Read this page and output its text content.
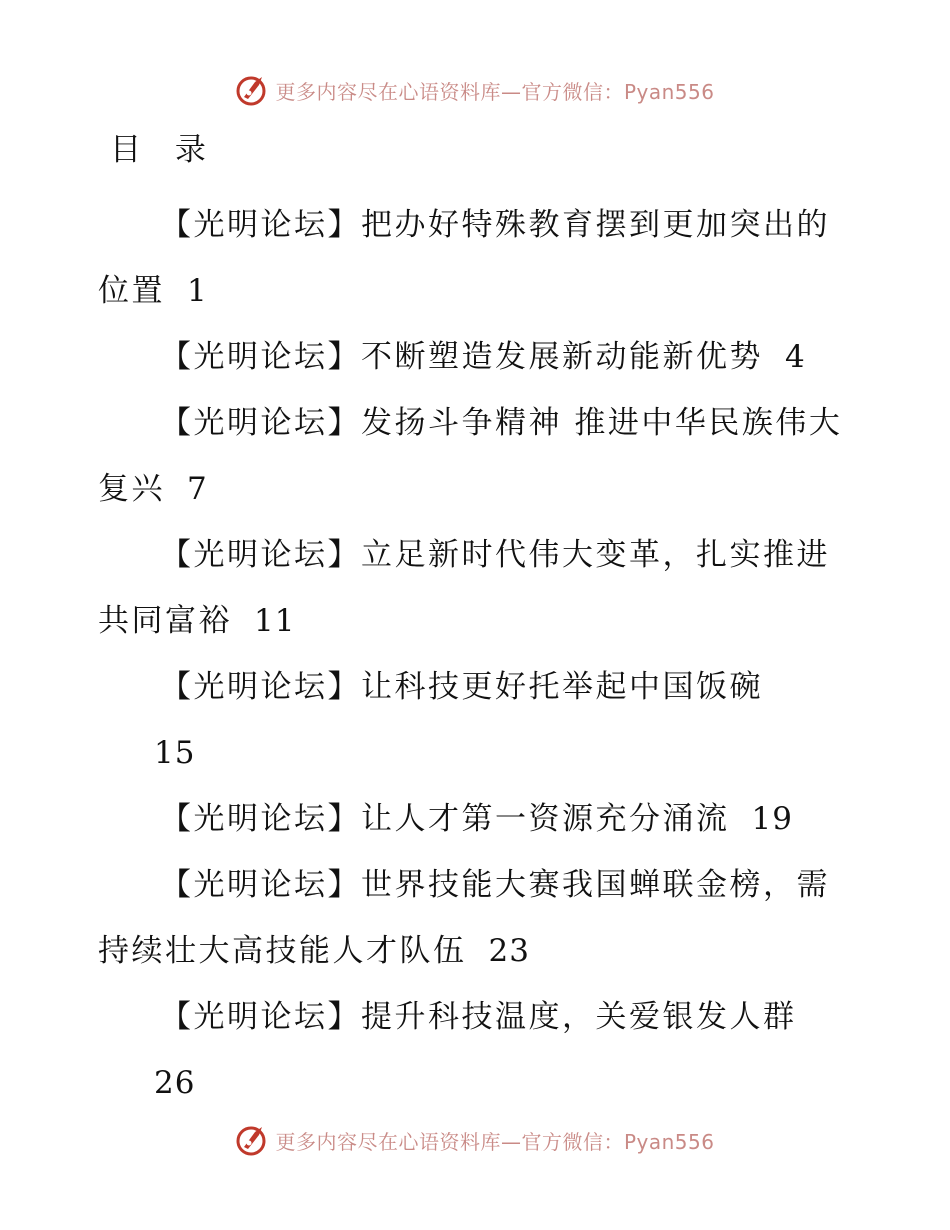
更多内容尽在心语资料库—官方微信：Pyan556
目 录

【光明论坛】把办好特殊教育摆到更加突出的位置 1

【光明论坛】不断塑造发展新动能新优势 4

【光明论坛】发扬斗争精神 推进中华民族伟大复兴 7

【光明论坛】立足新时代伟大变革，扎实推进共同富裕 11

【光明论坛】让科技更好托举起中国饭碗
15

【光明论坛】让人才第一资源充分涌流 19

【光明论坛】世界技能大赛我国蝉联金榜，需持续壮大高技能人才队伍 23

【光明论坛】提升科技温度，关爱银发人群
26

更多内容尽在心语资料库—官方微信：Pyan556
